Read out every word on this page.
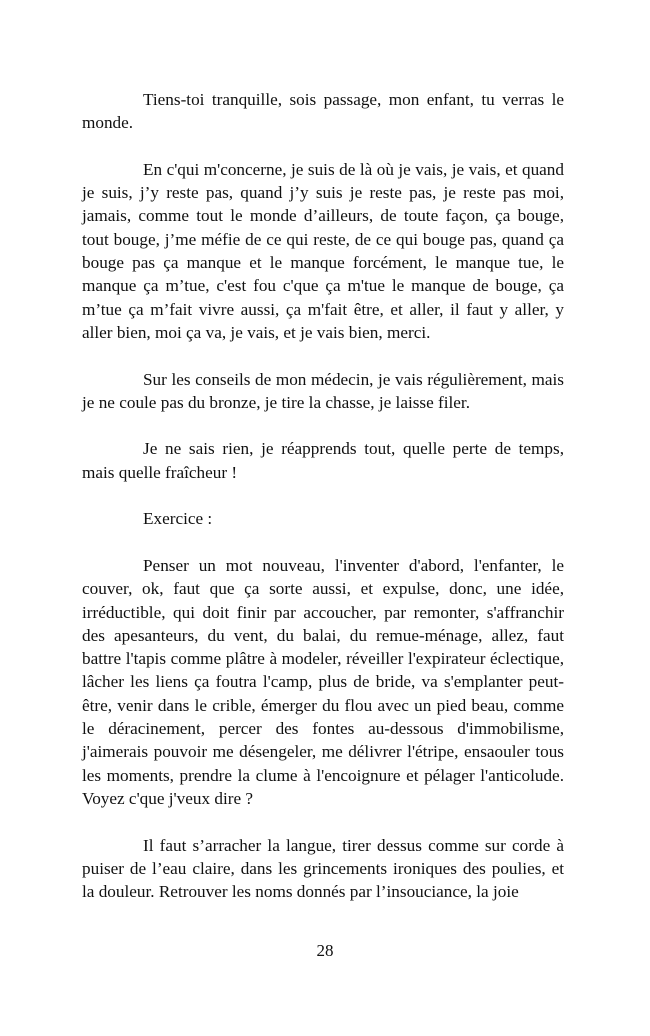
Tiens-toi tranquille, sois passage, mon enfant, tu verras le monde.

En c'qui m'concerne, je suis de là où je vais, je vais, et quand je suis, j’y reste pas, quand j’y suis je reste pas, je reste pas moi, jamais, comme tout le monde d’ailleurs, de toute façon, ça bouge, tout bouge, j’me méfie de ce qui reste, de ce qui bouge pas, quand ça bouge pas ça manque et le manque forcément, le manque tue, le manque ça m’tue, c'est fou c'que ça m'tue le manque de bouge, ça m’tue ça m’fait vivre aussi, ça m'fait être, et aller, il faut y aller, y aller bien, moi ça va, je vais, et je vais bien, merci.

Sur les conseils de mon médecin, je vais régulièrement, mais je ne coule pas du bronze, je tire la chasse, je laisse filer.

Je ne sais rien, je réapprends tout, quelle perte de temps, mais quelle fraîcheur !

Exercice :

Penser un mot nouveau, l'inventer d'abord, l'enfanter, le couver, ok, faut que ça sorte aussi, et expulse, donc, une idée, irréductible, qui doit finir par accoucher, par remonter, s'affranchir des apesanteurs, du vent, du balai, du remue-ménage, allez, faut battre l'tapis comme plâtre à modeler, réveiller l'expirateur éclectique, lâcher les liens ça foutra l'camp, plus de bride, va s'emplanter peut-être, venir dans le crible, émerger du flou avec un pied beau, comme le déracinement, percer des fontes au-dessous d'immobilisme, j'aimerais pouvoir me désengeler, me délivrer l'étripe, ensaouler tous les moments, prendre la clume à l'encoignure et pélager l'anticolude. Voyez c'que j'veux dire ?

Il faut s’arracher la langue, tirer dessus comme sur corde à puiser de l’eau claire, dans les grincements ironiques des poulies, et la douleur. Retrouver les noms donnés par l’insouciance, la joie

28
